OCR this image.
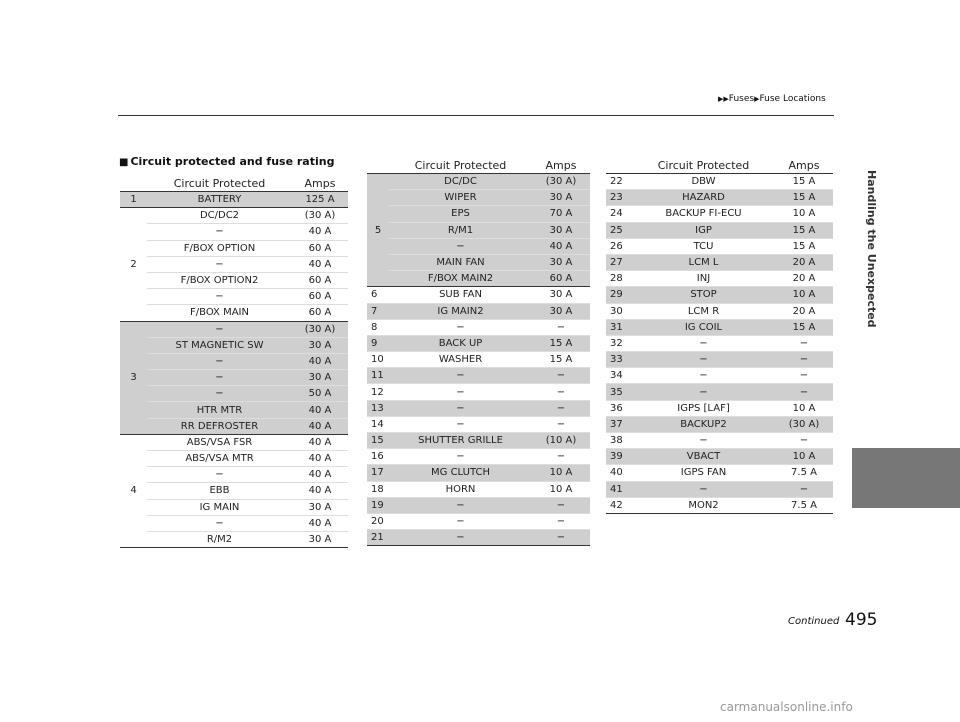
▶▶Fuses▶Fuse Locations
Handling the Unexpected
■ Circuit protected and fuse rating
	Circuit Protected	Amps
1	BATTERY	125 A
2	DC/DC2	(30 A)
	−	40 A
	F/BOX OPTION	60 A
	−	40 A
	F/BOX OPTION2	60 A
	−	60 A
	F/BOX MAIN	60 A
3	−	(30 A)
	ST MAGNETIC SW	30 A
	−	40 A
	−	30 A
	−	50 A
	HTR MTR	40 A
	RR DEFROSTER	40 A
4	ABS/VSA FSR	40 A
	ABS/VSA MTR	40 A
	−	40 A
	EBB	40 A
	IG MAIN	30 A
	−	40 A
	R/M2	30 A
	Circuit Protected	Amps
5	DC/DC	(30 A)
	WIPER	30 A
	EPS	70 A
	R/M1	30 A
	−	40 A
	MAIN FAN	30 A
	F/BOX MAIN2	60 A
6	SUB FAN	30 A
7	IG MAIN2	30 A
8	−	−
9	BACK UP	15 A
10	WASHER	15 A
11	−	−
12	−	−
13	−	−
14	−	−
15	SHUTTER GRILLE	(10 A)
16	−	−
17	MG CLUTCH	10 A
18	HORN	10 A
19	−	−
20	−	−
21	−	−
	Circuit Protected	Amps
22	DBW	15 A
23	HAZARD	15 A
24	BACKUP FI-ECU	10 A
25	IGP	15 A
26	TCU	15 A
27	LCM L	20 A
28	INJ	20 A
29	STOP	10 A
30	LCM R	20 A
31	IG COIL	15 A
32	−	−
33	−	−
34	−	−
35	−	−
36	IGPS [LAF]	10 A
37	BACKUP2	(30 A)
38	−	−
39	VBACT	10 A
40	IGPS FAN	7.5 A
41	−	−
42	MON2	7.5 A
Continued 495
carmanualsonline.info
